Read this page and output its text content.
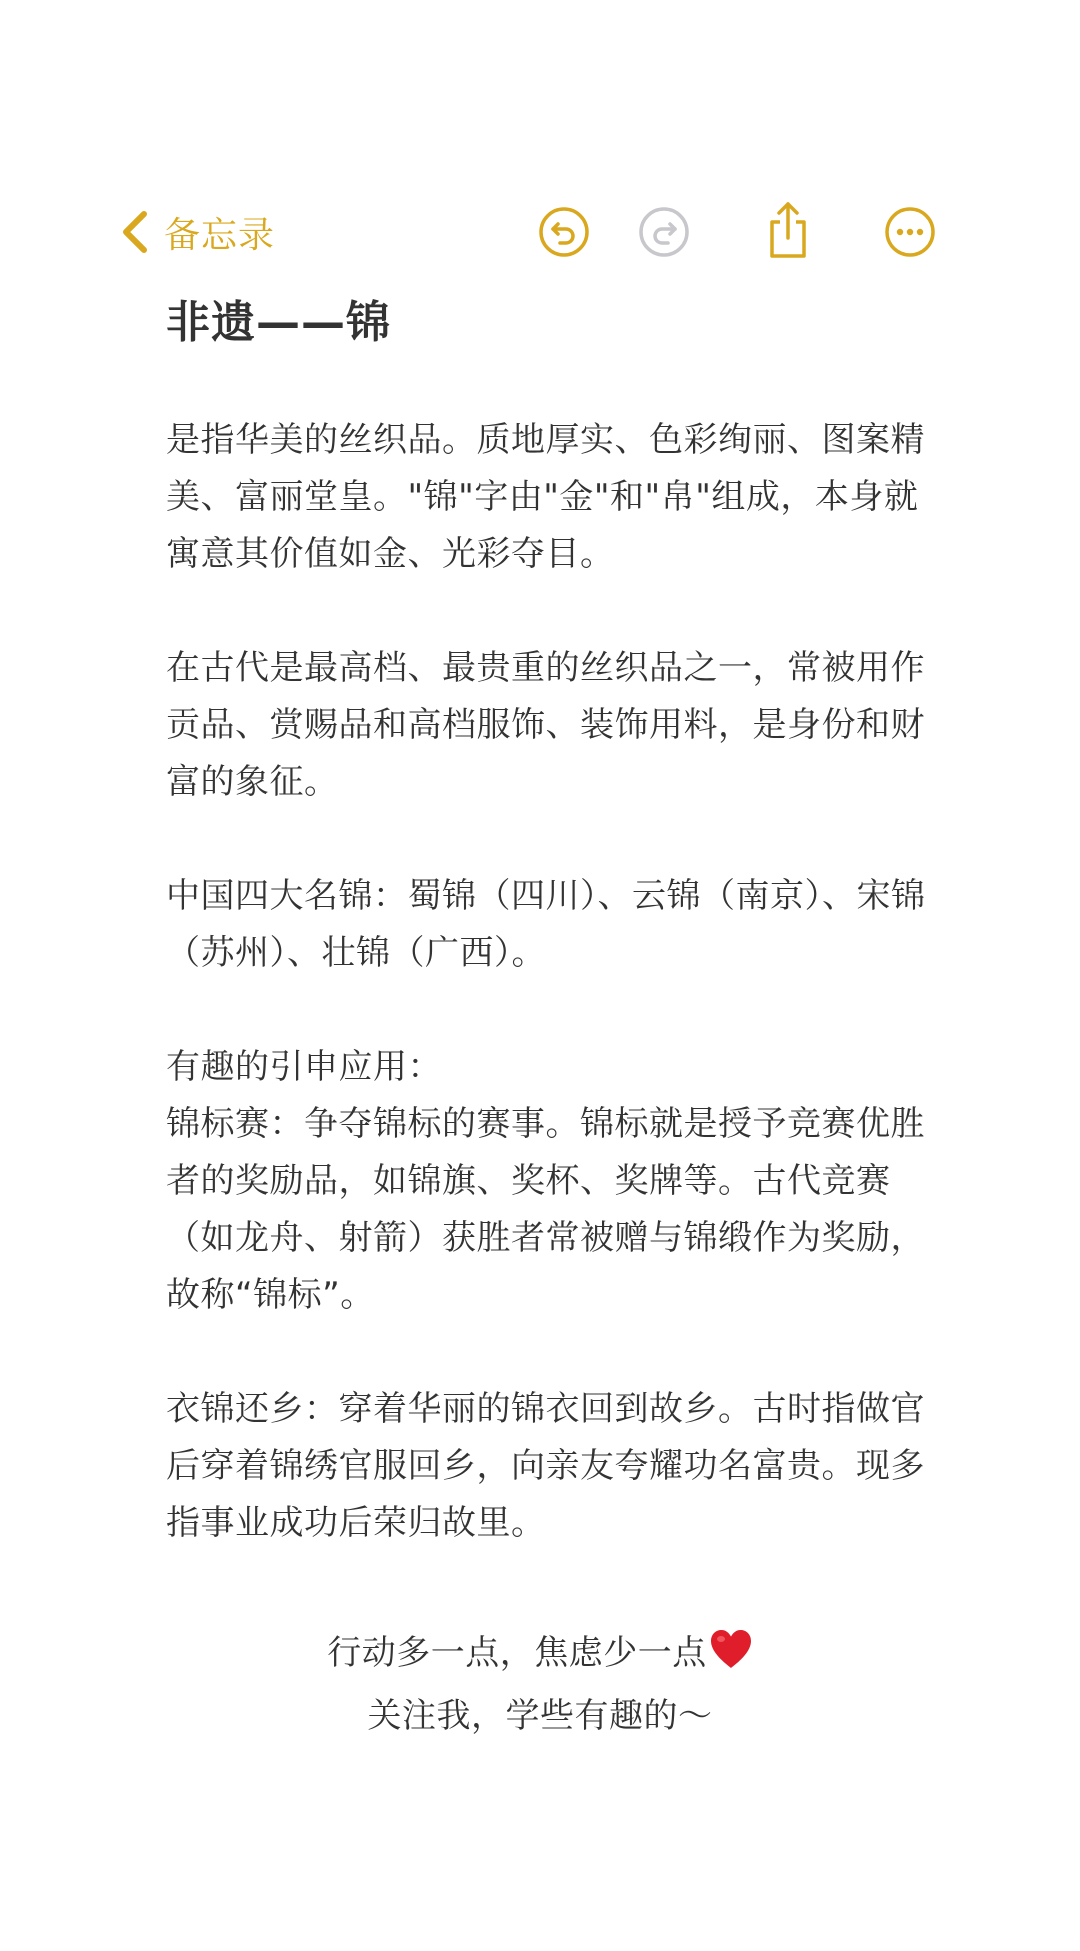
备忘录
非遗——锦

是指华美的丝织品。质地厚实、色彩绚丽、图案精美、富丽堂皇。"锦"字由"金"和"帛"组成，本身就寓意其价值如金、光彩夺目。

在古代是最高档、最贵重的丝织品之一，常被用作贡品、赏赐品和高档服饰、装饰用料，是身份和财富的象征。

中国四大名锦：蜀锦（四川）、云锦（南京）、宋锦（苏州）、壮锦（广西）。

有趣的引申应用：

锦标赛：争夺锦标的赛事。锦标就是授予竞赛优胜者的奖励品，如锦旗、奖杯、奖牌等。古代竞赛（如龙舟、射箭）获胜者常被赠与锦缎作为奖励，故称“锦标”。

衣锦还乡：穿着华丽的锦衣回到故乡。古时指做官后穿着锦绣官服回乡，向亲友夸耀功名富贵。现多指事业成功后荣归故里。

行动多一点，焦虑少一点
关注我，学些有趣的～
